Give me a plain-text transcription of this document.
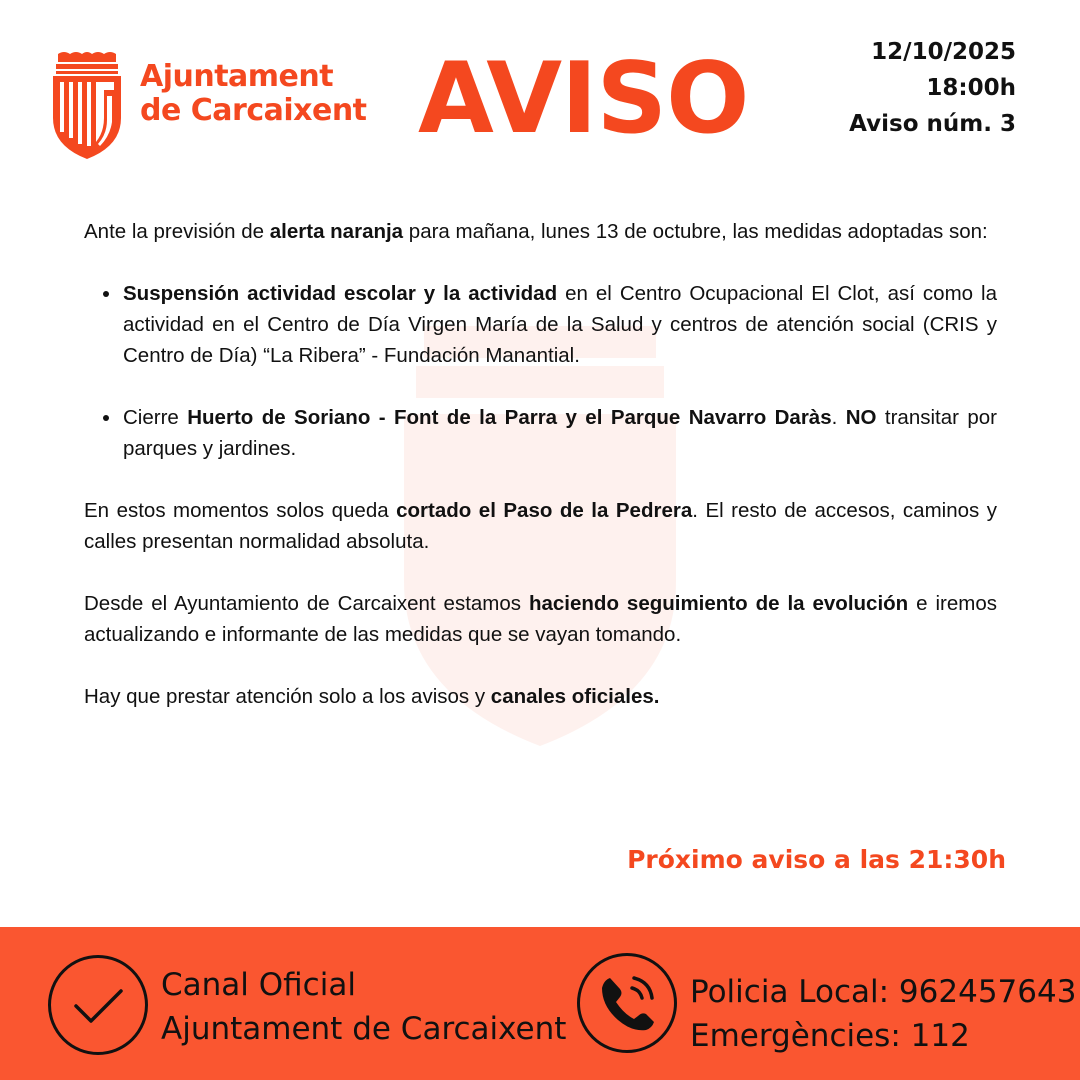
Ajuntament
de Carcaixent AVISO	12/10/2025
18:00h
Aviso núm. 3

Ante la previsión de alerta naranja para mañana, lunes 13 de octubre, las medidas adoptadas son:

Suspensión actividad escolar y la actividad en el Centro Ocupacional El Clot, así como la actividad en el Centro de Día Virgen María de la Salud y centros de atención social (CRIS y Centro de Día) “La Ribera” - Fundación Manantial.
Cierre Huerto de Soriano - Font de la Parra y el Parque Navarro Daràs. NO transitar por parques y jardines.

En estos momentos solos queda cortado el Paso de la Pedrera. El resto de accesos, caminos y calles presentan normalidad absoluta.

Desde el Ayuntamiento de Carcaixent estamos haciendo seguimiento de la evolución e iremos actualizando e informante de las medidas que se vayan tomando.

Hay que prestar atención solo a los avisos y canales oficiales.

Próximo aviso a las 21:30h
Canal Oficial
Ajuntament de Carcaixent
Policia Local: 962457643
Emergències: 112
